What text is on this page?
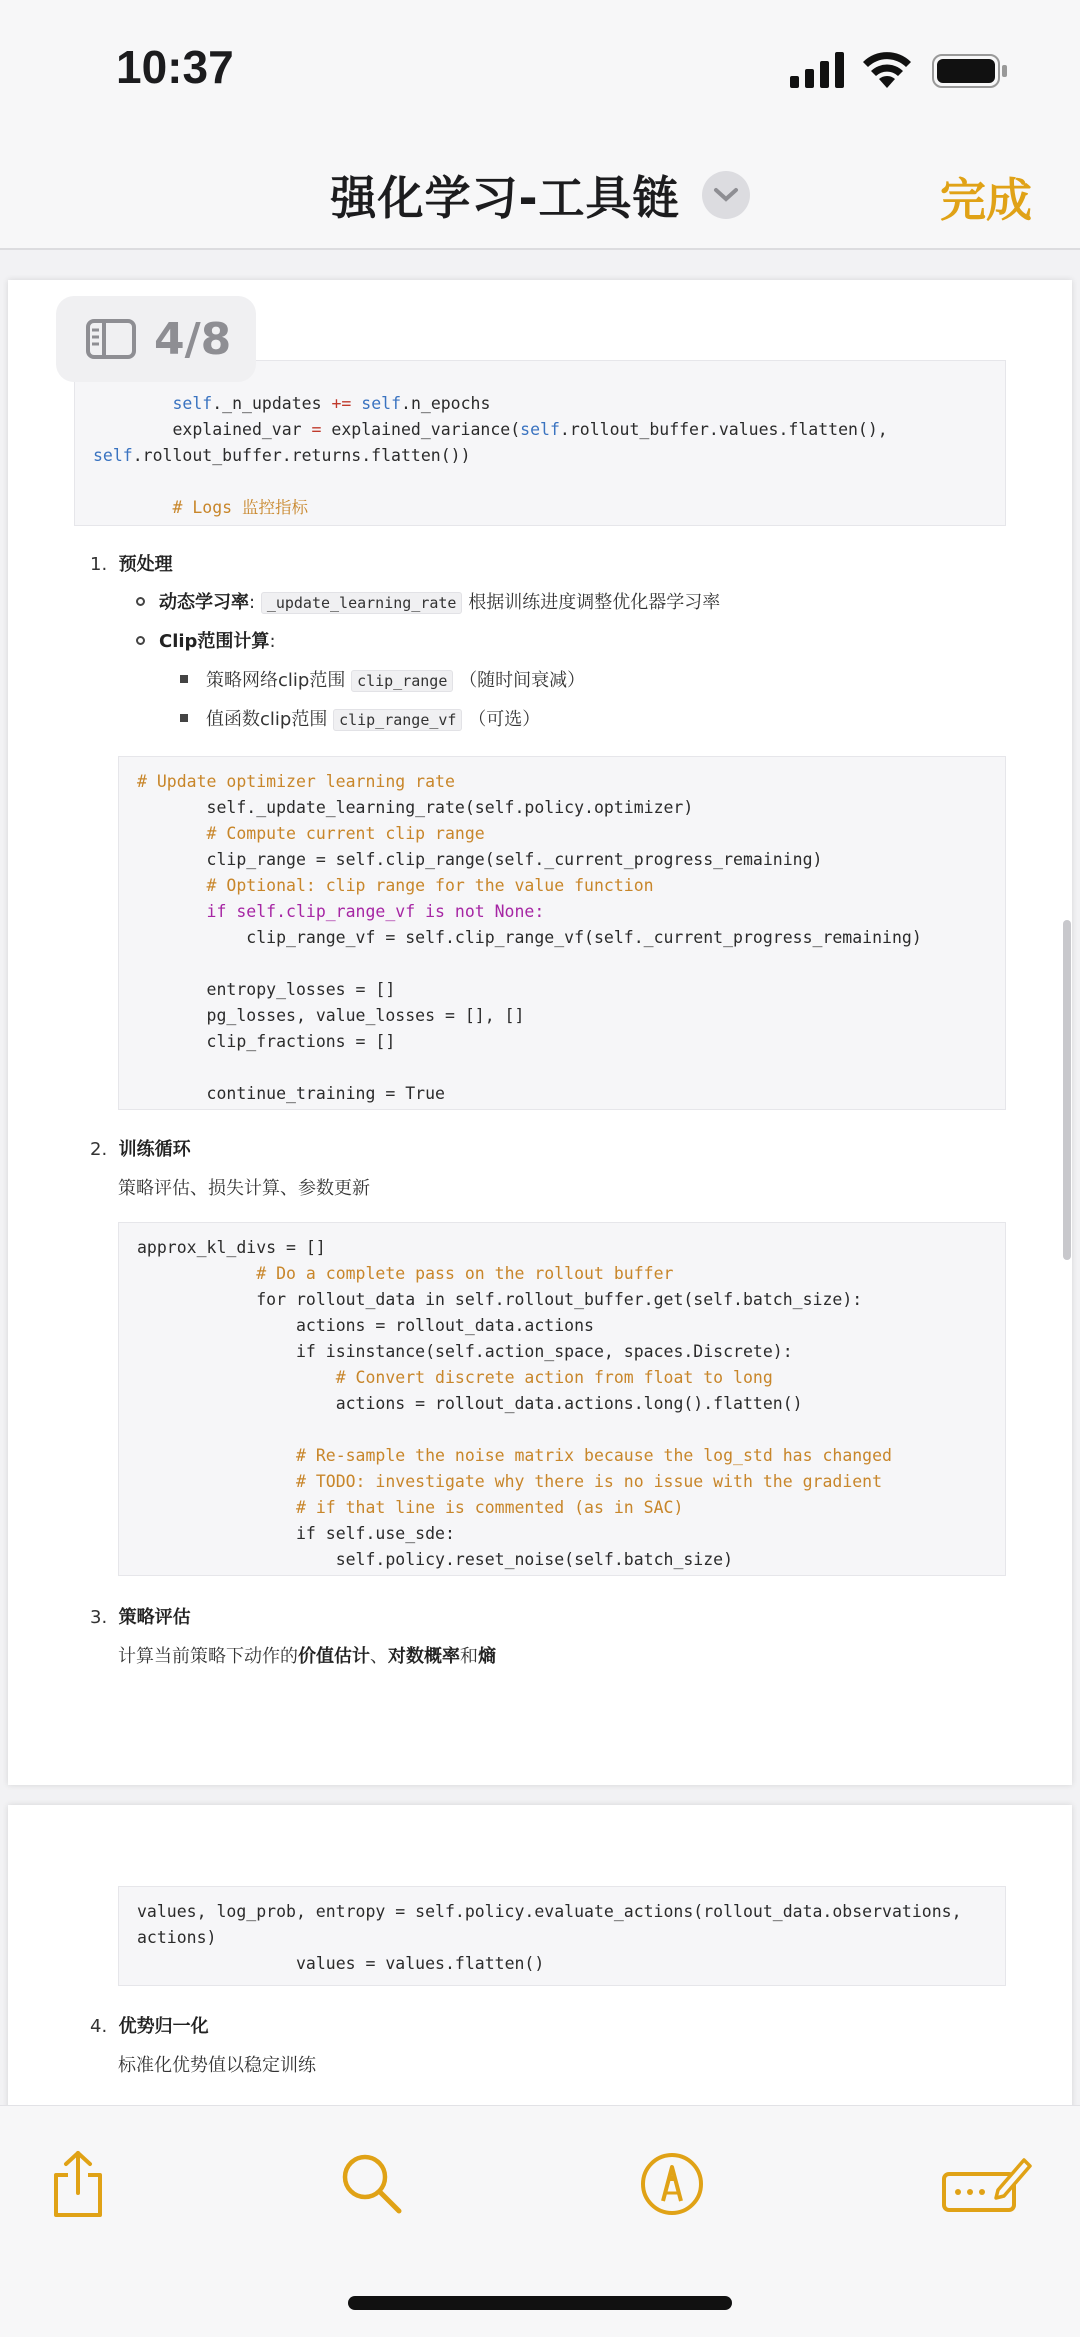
10:37
强化学习-工具链	完成
4/8
self._n_updates += self.n_epochs
explained_var = explained_variance(self.rollout_buffer.values.flatten(),
self.rollout_buffer.returns.flatten())

# Logs 监控指标
1. 预处理
动态学习率: _update_learning_rate 根据训练进度调整优化器学习率
Clip范围计算:
策略网络clip范围 clip_range （随时间衰减）
值函数clip范围 clip_range_vf （可选）
# Update optimizer learning rate
self._update_learning_rate(self.policy.optimizer)
# Compute current clip range
clip_range = self.clip_range(self._current_progress_remaining)
# Optional: clip range for the value function
if self.clip_range_vf is not None:
clip_range_vf = self.clip_range_vf(self._current_progress_remaining)

entropy_losses = []
pg_losses, value_losses = [], []
clip_fractions = []

continue_training = True
2. 训练循环
策略评估、损失计算、参数更新
approx_kl_divs = []
# Do a complete pass on the rollout buffer
for rollout_data in self.rollout_buffer.get(self.batch_size):
actions = rollout_data.actions
if isinstance(self.action_space, spaces.Discrete):
# Convert discrete action from float to long
actions = rollout_data.actions.long().flatten()

# Re-sample the noise matrix because the log_std has changed
# TODO: investigate why there is no issue with the gradient
# if that line is commented (as in SAC)
if self.use_sde:
self.policy.reset_noise(self.batch_size)
3. 策略评估
计算当前策略下动作的价值估计、对数概率和熵
values, log_prob, entropy = self.policy.evaluate_actions(rollout_data.observations,
actions)
values = values.flatten()
4. 优势归一化
标准化优势值以稳定训练
